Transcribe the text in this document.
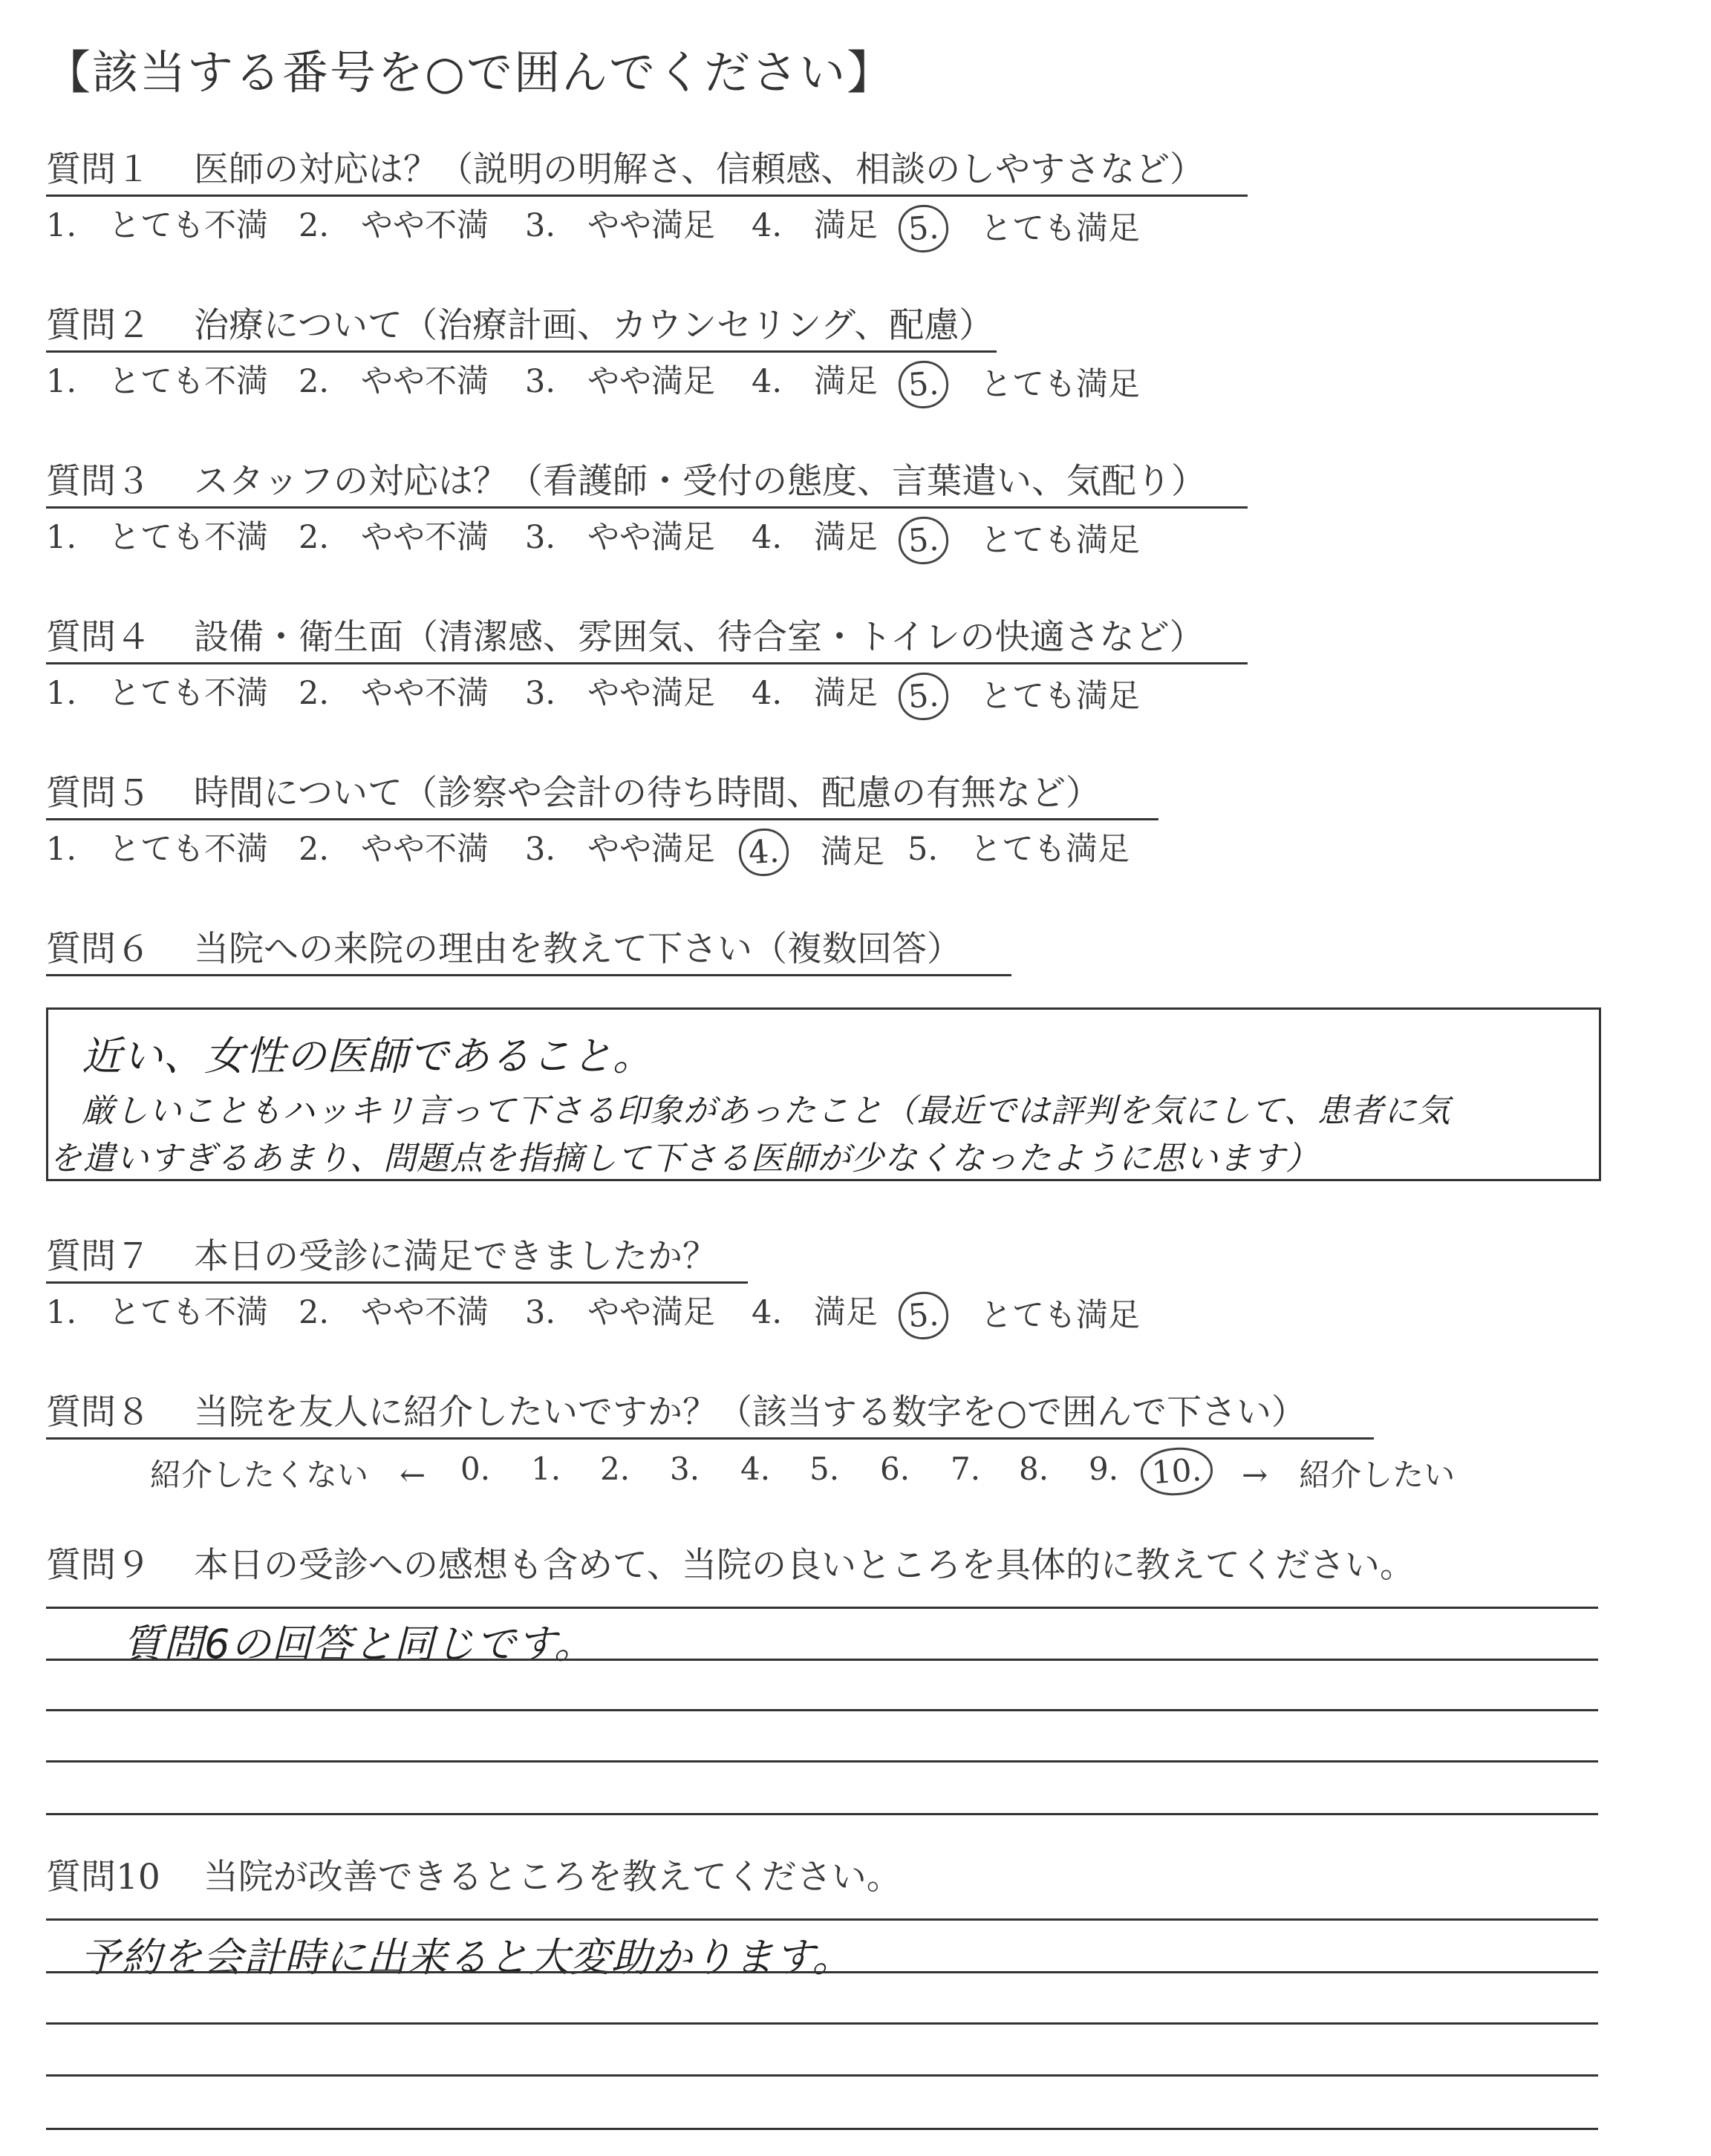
【該当する番号を○で囲んでください】
質問１ 医師の対応は？（説明の明解さ、信頼感、相談のしやすさなど）
1.　とても不満 2.　やや不満 3.　やや満足 4.　満足 5.　とても満足
質問２ 治療について（治療計画、カウンセリング、配慮）
1.　とても不満 2.　やや不満 3.　やや満足 4.　満足 5.　とても満足
質問３ スタッフの対応は？（看護師・受付の態度、言葉遣い、気配り）
1.　とても不満 2.　やや不満 3.　やや満足 4.　満足 5.　とても満足
質問４ 設備・衛生面（清潔感、雰囲気、待合室・トイレの快適さなど）
1.　とても不満 2.　やや不満 3.　やや満足 4.　満足 5.　とても満足
質問５ 時間について（診察や会計の待ち時間、配慮の有無など）
1.　とても不満 2.　やや不満 3.　やや満足 4.　満足 5.　とても満足
質問６ 当院への来院の理由を教えて下さい（複数回答）
近い、女性の医師であること。
厳しいこともハッキリ言って下さる印象があったこと（最近では評判を気にして、患者に気
を遣いすぎるあまり、問題点を指摘して下さる医師が少なくなったように思います）
質問７ 本日の受診に満足できましたか？
1.　とても不満 2.　やや不満 3.　やや満足 4.　満足 5.　とても満足
質問８ 当院を友人に紹介したいですか？（該当する数字を○で囲んで下さい）
紹介したくない　← 0. 1. 2. 3. 4. 5. 6. 7. 8. 9. 10.	→　紹介したい
質問９ 本日の受診への感想も含めて、当院の良いところを具体的に教えてください。
質問6の回答と同じです。
質問10 当院が改善できるところを教えてください。
予約を会計時に出来ると大変助かります。
